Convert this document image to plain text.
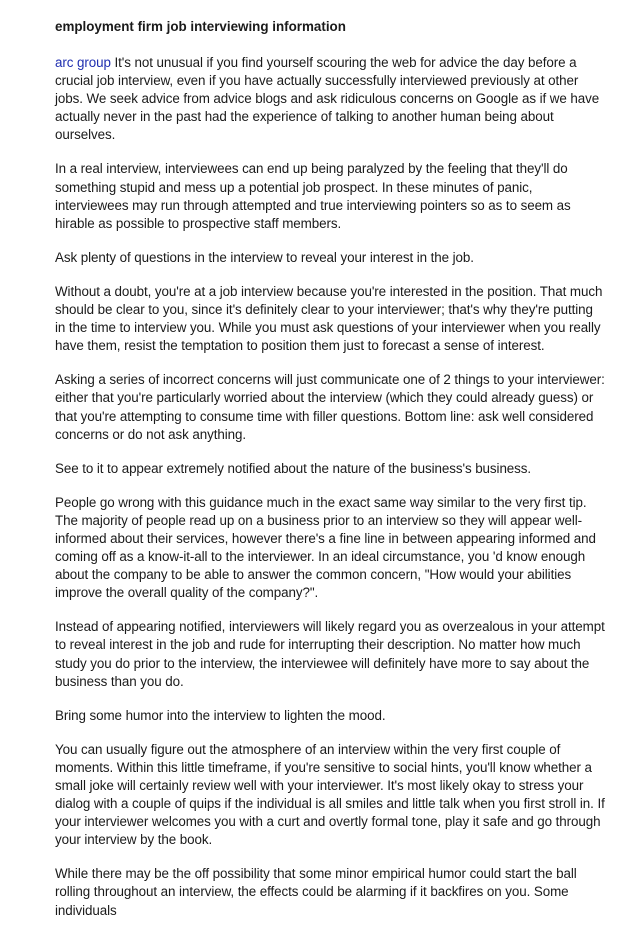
employment firm job interviewing information

arc group It's not unusual if you find yourself scouring the web for advice the day before a crucial job interview, even if you have actually successfully interviewed previously at other jobs. We seek advice from advice blogs and ask ridiculous concerns on Google as if we have actually never in the past had the experience of talking to another human being about ourselves.

In a real interview, interviewees can end up being paralyzed by the feeling that they'll do something stupid and mess up a potential job prospect. In these minutes of panic, interviewees may run through attempted and true interviewing pointers so as to seem as hirable as possible to prospective staff members.

Ask plenty of questions in the interview to reveal your interest in the job.

Without a doubt, you're at a job interview because you're interested in the position. That much should be clear to you, since it's definitely clear to your interviewer; that's why they're putting in the time to interview you. While you must ask questions of your interviewer when you really have them, resist the temptation to position them just to forecast a sense of interest.

Asking a series of incorrect concerns will just communicate one of 2 things to your interviewer: either that you're particularly worried about the interview (which they could already guess) or that you're attempting to consume time with filler questions. Bottom line: ask well considered concerns or do not ask anything.

See to it to appear extremely notified about the nature of the business's business.

People go wrong with this guidance much in the exact same way similar to the very first tip. The majority of people read up on a business prior to an interview so they will appear well-informed about their services, however there's a fine line in between appearing informed and coming off as a know-it-all to the interviewer. In an ideal circumstance, you 'd know enough about the company to be able to answer the common concern, "How would your abilities improve the overall quality of the company?".

Instead of appearing notified, interviewers will likely regard you as overzealous in your attempt to reveal interest in the job and rude for interrupting their description. No matter how much study you do prior to the interview, the interviewee will definitely have more to say about the business than you do.

Bring some humor into the interview to lighten the mood.

You can usually figure out the atmosphere of an interview within the very first couple of moments. Within this little timeframe, if you're sensitive to social hints, you'll know whether a small joke will certainly review well with your interviewer. It's most likely okay to stress your dialog with a couple of quips if the individual is all smiles and little talk when you first stroll in. If your interviewer welcomes you with a curt and overtly formal tone, play it safe and go through your interview by the book.

While there may be the off possibility that some minor empirical humor could start the ball rolling throughout an interview, the effects could be alarming if it backfires on you. Some individuals
